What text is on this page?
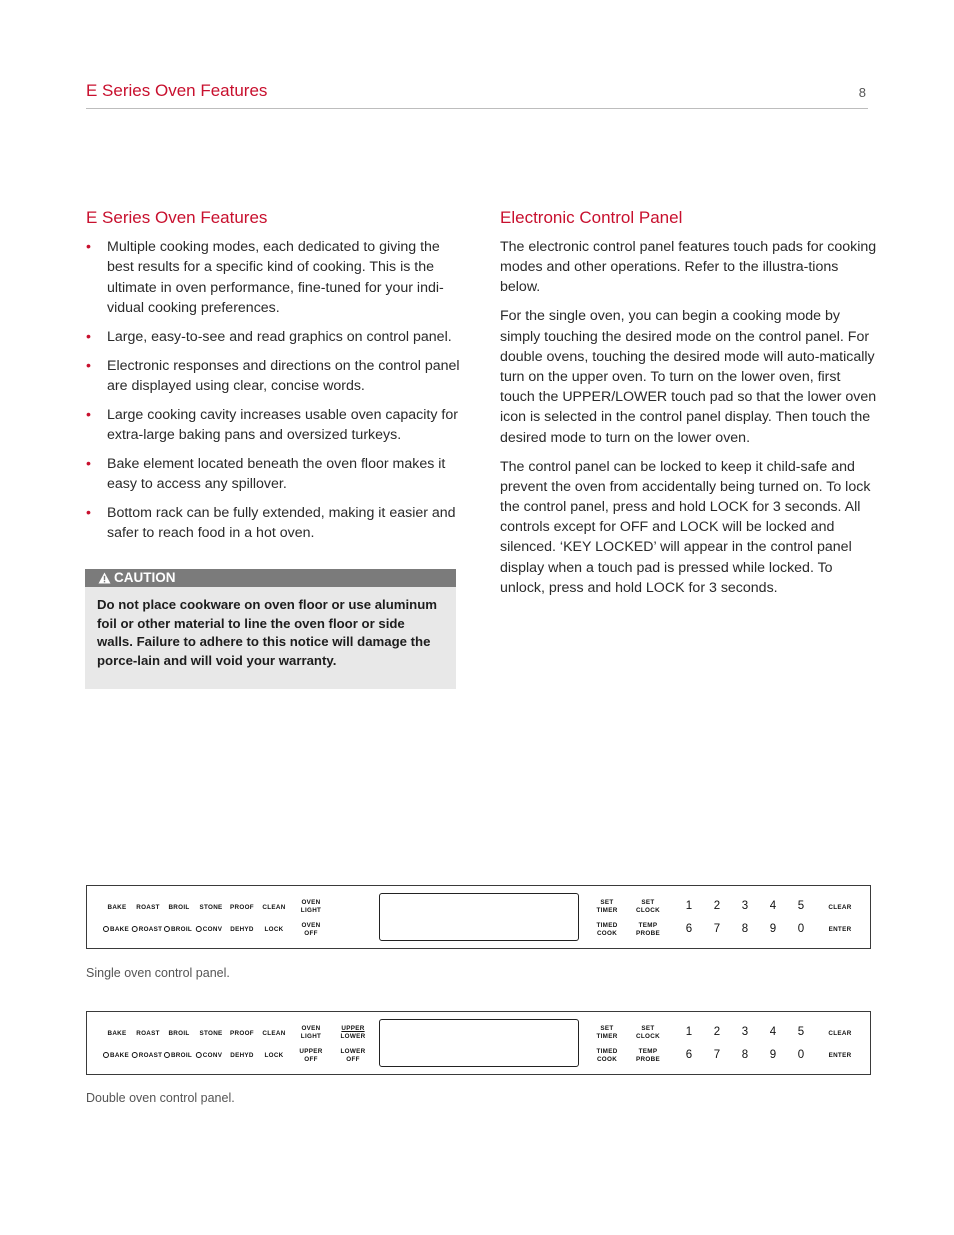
E Series Oven Features	8
E Series Oven Features
• Multiple cooking modes, each dedicated to giving the best results for a specific kind of cooking. This is the ultimate in oven performance, fine-tuned for your indi-vidual cooking preferences.
• Large, easy-to-see and read graphics on control panel.
• Electronic responses and directions on the control panel are displayed using clear, concise words.
• Large cooking cavity increases usable oven capacity for extra-large baking pans and oversized turkeys.
• Bake element located beneath the oven floor makes it easy to access any spillover.
• Bottom rack can be fully extended, making it easier and safer to reach food in a hot oven.
CAUTION
Do not place cookware on oven floor or use aluminum foil or other material to line the oven floor or side walls. Failure to adhere to this notice will damage the porce-lain and will void your warranty.
Electronic Control Panel

The electronic control panel features touch pads for cooking modes and other operations. Refer to the illustra-tions below.

For the single oven, you can begin a cooking mode by simply touching the desired mode on the control panel. For double ovens, touching the desired mode will auto-matically turn on the upper oven. To turn on the lower oven, first touch the UPPER/LOWER touch pad so that the lower oven icon is selected in the control panel display. Then touch the desired mode to turn on the lower oven.

The control panel can be locked to keep it child-safe and prevent the oven from accidentally being turned on. To lock the control panel, press and hold LOCK for 3 seconds. All controls except for OFF and LOCK will be locked and silenced. ‘KEY LOCKED’ will appear in the control panel display when a touch pad is pressed while locked. To unlock, press and hold LOCK for 3 seconds.

BAKE ROAST BROIL STONE PROOF CLEAN
OVEN
LIGHT
BAKE	ROAST	BROIL	CONV DEHYD LOCK
OVEN
OFF
SET
TIMER
SET
CLOCK
TIMED
COOK
TEMP
PROBE
1 2 3 4 5
6 7 8 9 0
CLEAR
ENTER
Single oven control panel.
BAKE ROAST BROIL STONE PROOF CLEAN
OVEN
LIGHT
UPPER
LOWER
BAKE	ROAST	BROIL	CONV DEHYD LOCK
UPPER
OFF
LOWER
OFF
SET
TIMER
SET
CLOCK
TIMED
COOK
TEMP
PROBE
1 2 3 4 5
6 7 8 9 0
CLEAR
ENTER
Double oven control panel.
